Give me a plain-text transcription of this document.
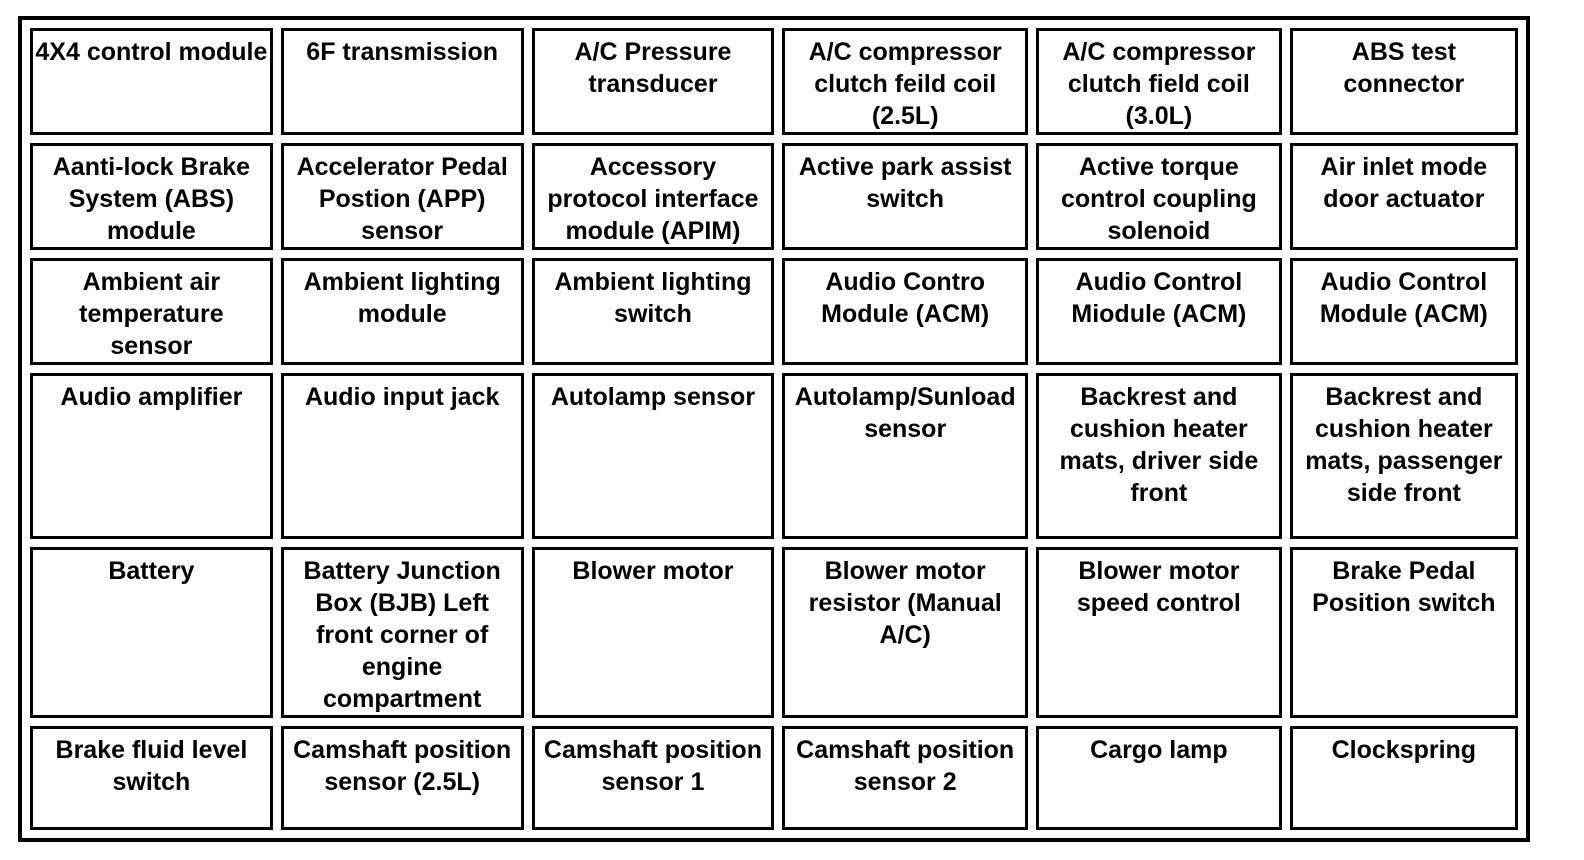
4X4 control module	6F transmission	A/C Pressure transducer	A/C compressor clutch feild coil (2.5L)	A/C compressor clutch field coil (3.0L)	ABS test connector
Aanti-lock Brake System (ABS) module	Accelerator Pedal Postion (APP) sensor	Accessory protocol interface module (APIM)	Active park assist switch	Active torque control coupling solenoid	Air inlet mode door actuator
Ambient air temperature sensor	Ambient lighting module	Ambient lighting switch	Audio Contro Module (ACM)	Audio Control Miodule (ACM)	Audio Control Module (ACM)
Audio amplifier	Audio input jack	Autolamp sensor	Autolamp/Sunload sensor	Backrest and cushion heater mats, driver side front	Backrest and cushion heater mats, passenger side front
Battery	Battery Junction Box (BJB) Left front corner of engine compartment	Blower motor	Blower motor resistor (Manual A/C)	Blower motor speed control	Brake Pedal Position switch
Brake fluid level switch	Camshaft position sensor (2.5L)	Camshaft position sensor 1	Camshaft position sensor 2	Cargo lamp	Clockspring
